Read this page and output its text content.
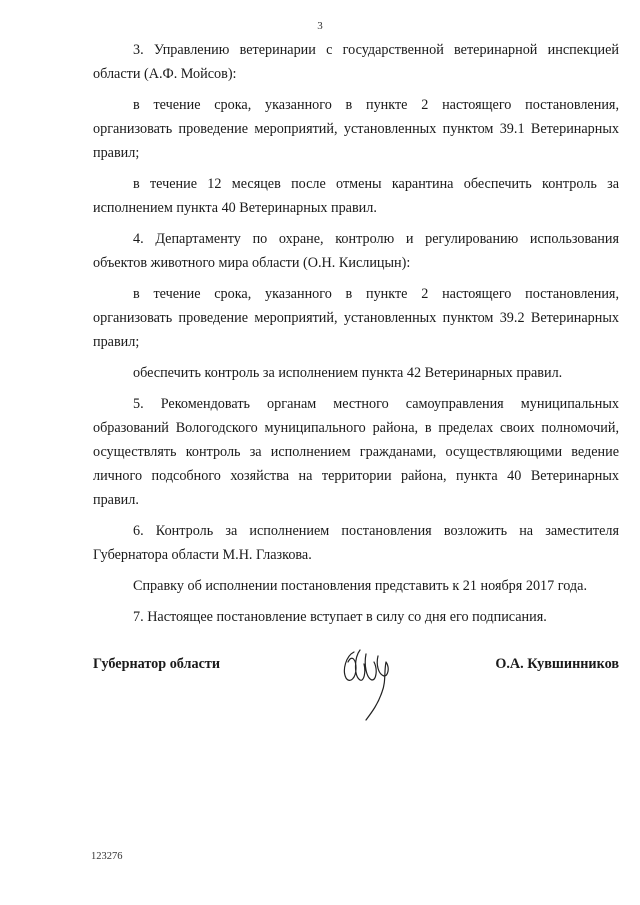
3

3. Управлению ветеринарии с государственной ветеринарной инспекцией области (А.Ф. Мойсов):

в течение срока, указанного в пункте 2 настоящего постановления, организовать проведение мероприятий, установленных пунктом 39.1 Ветеринарных правил;

в течение 12 месяцев после отмены карантина обеспечить контроль за исполнением пункта 40 Ветеринарных правил.

4. Департаменту по охране, контролю и регулированию использования объектов животного мира области (О.Н. Кислицын):

в течение срока, указанного в пункте 2 настоящего постановления, организовать проведение мероприятий, установленных пунктом 39.2 Ветеринарных правил;

обеспечить контроль за исполнением пункта 42 Ветеринарных правил.

5. Рекомендовать органам местного самоуправления муниципальных образований Вологодского муниципального района, в пределах своих полномочий, осуществлять контроль за исполнением гражданами, осуществляющими ведение личного подсобного хозяйства на территории района, пункта 40 Ветеринарных правил.

6. Контроль за исполнением постановления возложить на заместителя Губернатора области М.Н. Глазкова.

Справку об исполнении постановления представить к 21 ноября 2017 года.

7. Настоящее постановление вступает в силу со дня его подписания.

Губернатор области	О.А. Кувшинников
123276
